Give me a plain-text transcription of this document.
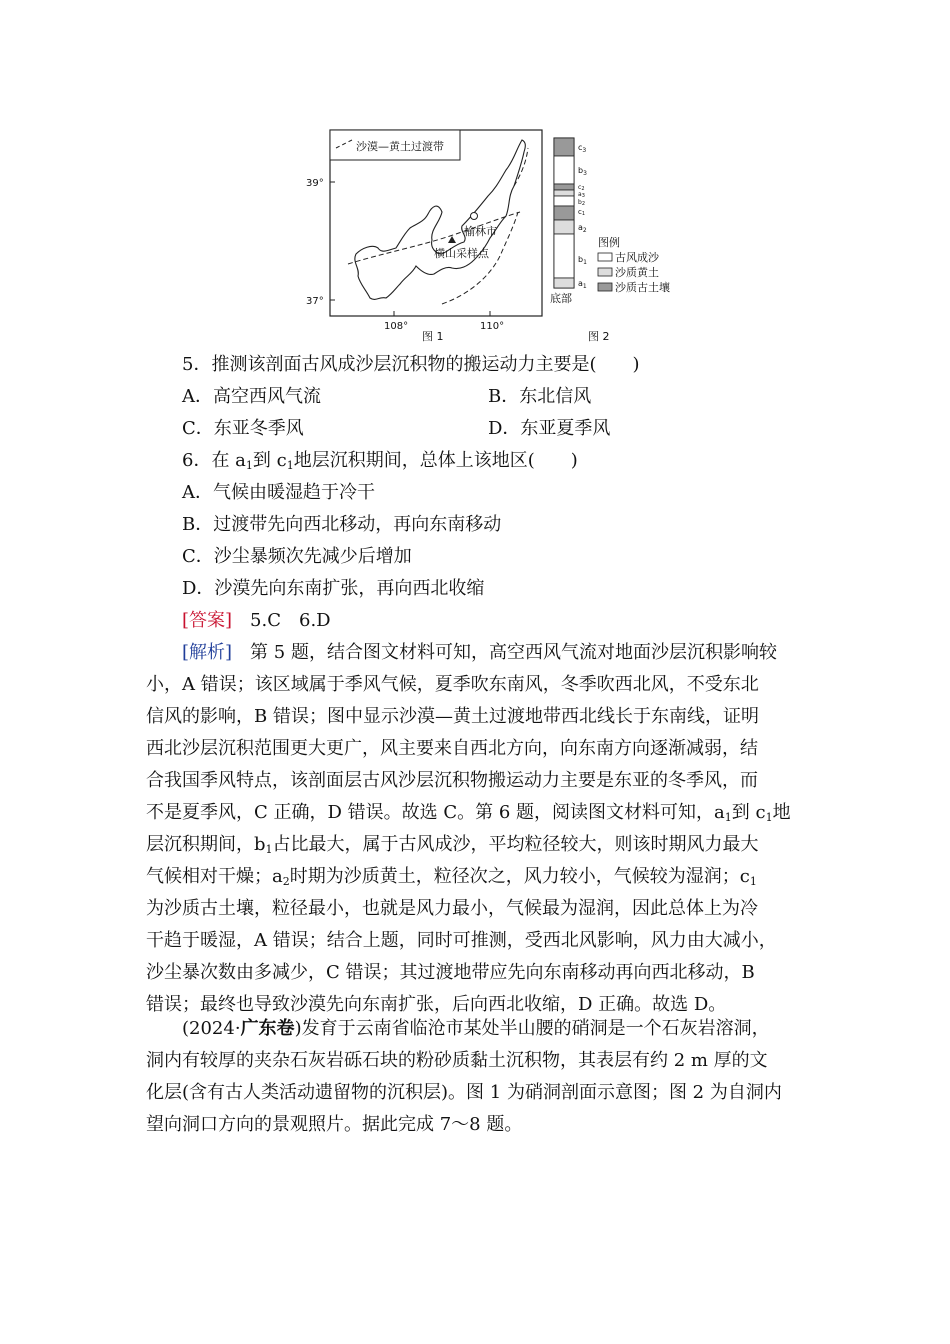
沙漠—黄土过渡带
39°
37°
108°	110°
榆林市
横山采样点
图 1
$c_3$
$b_3$
c2
a3
b2
c1
$a_2$
$b_1$
$a_1$
底部
图例
古风成沙
沙质黄土
沙质古土壤
图 2
5．推测该剖面古风成沙层沉积物的搬运动力主要是(　　)
A．高空西风气流	B．东北信风
C．东亚冬季风	D．东亚夏季风
6．在 $a_1$到 $c_1$地层沉积期间，总体上该地区(　　)
A．气候由暖湿趋于冷干
B．过渡带先向西北移动，再向东南移动
C．沙尘暴频次先减少后增加
D．沙漠先向东南扩张，再向西北收缩
[答案]　5.C　6.D
[解析]　第 5 题，结合图文材料可知，高空西风气流对地面沙层沉积影响较
小，A 错误；该区域属于季风气候，夏季吹东南风，冬季吹西北风，不受东北
信风的影响，B 错误；图中显示沙漠—黄土过渡地带西北线长于东南线，证明
西北沙层沉积范围更大更广，风主要来自西北方向，向东南方向逐渐减弱，结
合我国季风特点，该剖面层古风沙层沉积物搬运动力主要是东亚的冬季风，而
不是夏季风，C 正确，D 错误。故选 C。第 6 题，阅读图文材料可知，$a_1$到 $c_1$地
层沉积期间，$b_1$占比最大，属于古风成沙，平均粒径较大，则该时期风力最大
气候相对干燥；$a_2$时期为沙质黄土，粒径次之，风力较小，气候较为湿润；$c_1$
为沙质古土壤，粒径最小，也就是风力最小，气候最为湿润，因此总体上为冷
干趋于暖湿，A 错误；结合上题，同时可推测，受西北风影响，风力由大减小，
沙尘暴次数由多减少，C 错误；其过渡地带应先向东南移动再向西北移动，B
错误；最终也导致沙漠先向东南扩张，后向西北收缩，D 正确。故选 D。
(2024·广东卷)发育于云南省临沧市某处半山腰的硝洞是一个石灰岩溶洞，
洞内有较厚的夹杂石灰岩砾石块的粉砂质黏土沉积物，其表层有约 2 m 厚的文
化层(含有古人类活动遗留物的沉积层)。图 1 为硝洞剖面示意图；图 2 为自洞内
望向洞口方向的景观照片。据此完成 7～8 题。
